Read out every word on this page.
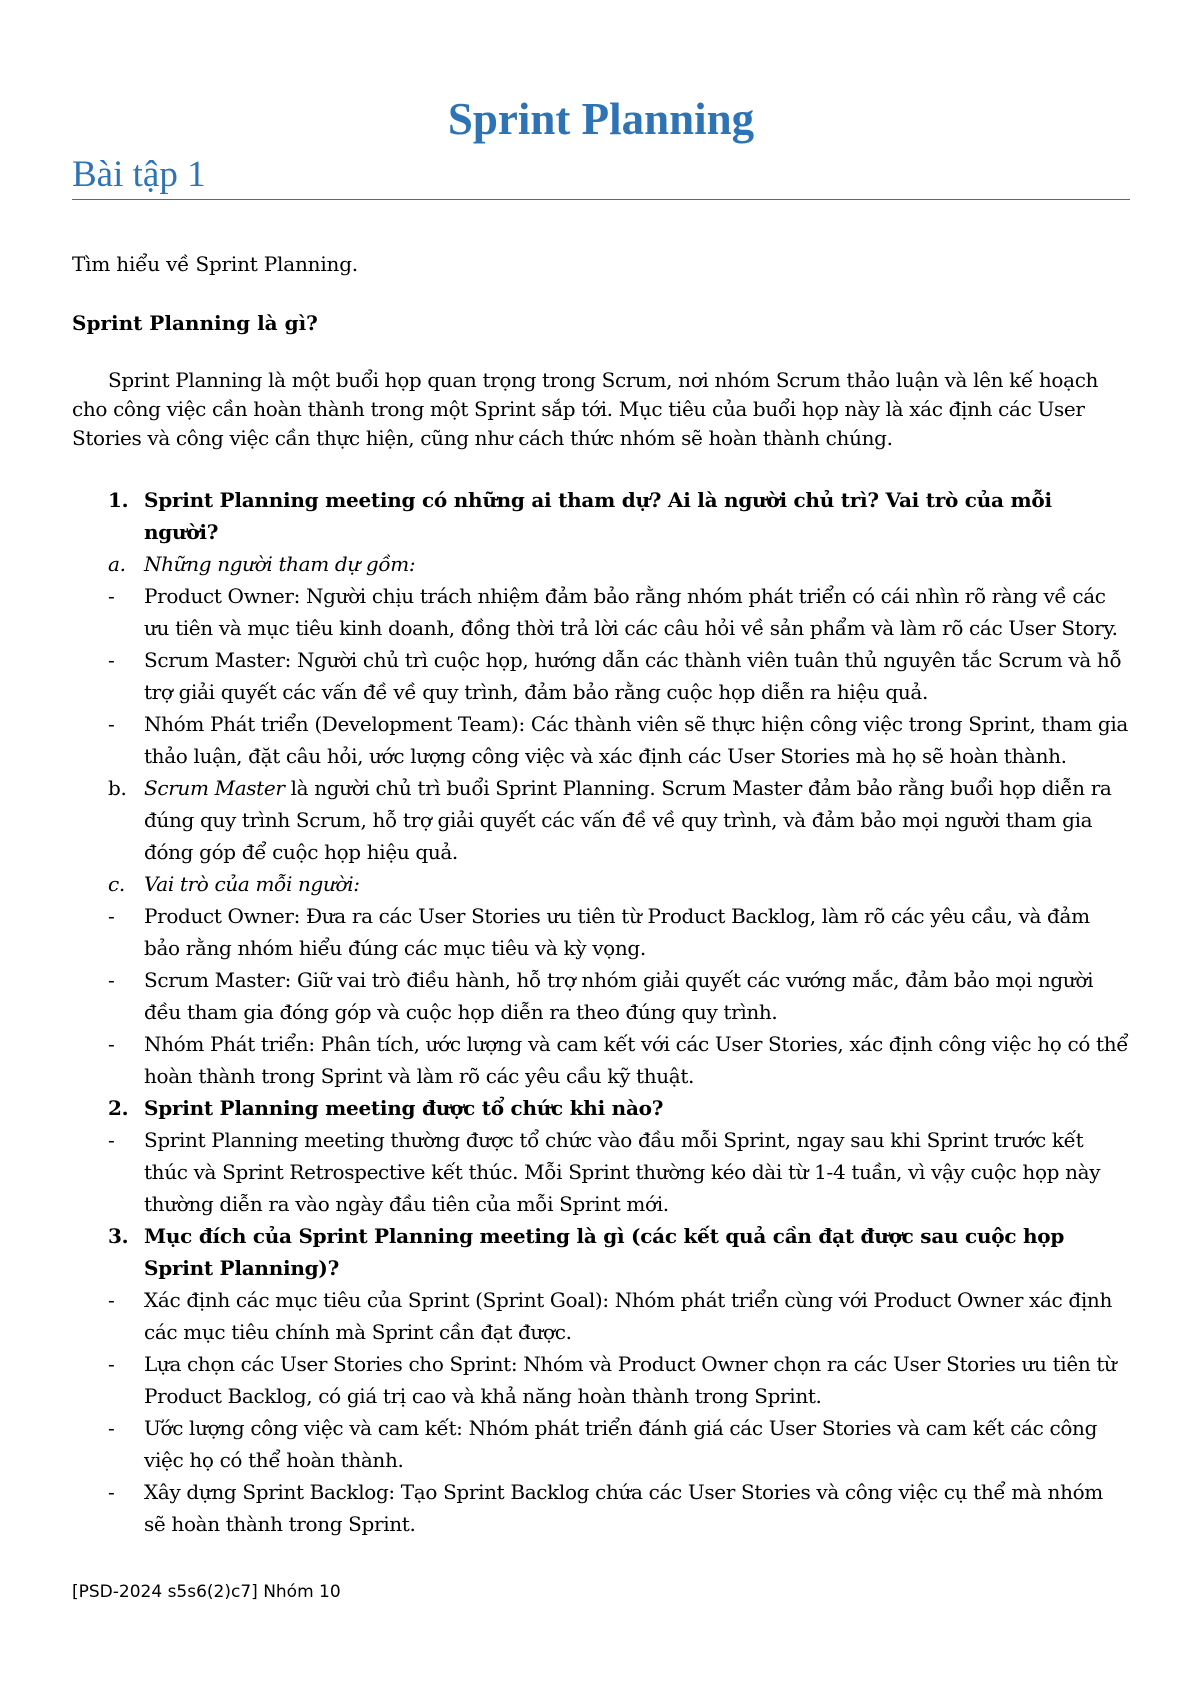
Sprint Planning
Bài tập 1
Tìm hiểu về Sprint Planning.
Sprint Planning là gì?
Sprint Planning là một buổi họp quan trọng trong Scrum, nơi nhóm Scrum thảo luận và lên kế hoạch cho công việc cần hoàn thành trong một Sprint sắp tới. Mục tiêu của buổi họp này là xác định các User Stories và công việc cần thực hiện, cũng như cách thức nhóm sẽ hoàn thành chúng.
1. Sprint Planning meeting có những ai tham dự? Ai là người chủ trì? Vai trò của mỗi người?
a. Những người tham dự gồm:
- Product Owner: Người chịu trách nhiệm đảm bảo rằng nhóm phát triển có cái nhìn rõ ràng về các ưu tiên và mục tiêu kinh doanh, đồng thời trả lời các câu hỏi về sản phẩm và làm rõ các User Story.
- Scrum Master: Người chủ trì cuộc họp, hướng dẫn các thành viên tuân thủ nguyên tắc Scrum và hỗ trợ giải quyết các vấn đề về quy trình, đảm bảo rằng cuộc họp diễn ra hiệu quả.
- Nhóm Phát triển (Development Team): Các thành viên sẽ thực hiện công việc trong Sprint, tham gia thảo luận, đặt câu hỏi, ước lượng công việc và xác định các User Stories mà họ sẽ hoàn thành.
b. Scrum Master là người chủ trì buổi Sprint Planning. Scrum Master đảm bảo rằng buổi họp diễn ra đúng quy trình Scrum, hỗ trợ giải quyết các vấn đề về quy trình, và đảm bảo mọi người tham gia đóng góp để cuộc họp hiệu quả.
c. Vai trò của mỗi người:
- Product Owner: Đưa ra các User Stories ưu tiên từ Product Backlog, làm rõ các yêu cầu, và đảm bảo rằng nhóm hiểu đúng các mục tiêu và kỳ vọng.
- Scrum Master: Giữ vai trò điều hành, hỗ trợ nhóm giải quyết các vướng mắc, đảm bảo mọi người đều tham gia đóng góp và cuộc họp diễn ra theo đúng quy trình.
- Nhóm Phát triển: Phân tích, ước lượng và cam kết với các User Stories, xác định công việc họ có thể hoàn thành trong Sprint và làm rõ các yêu cầu kỹ thuật.
2. Sprint Planning meeting được tổ chức khi nào?
- Sprint Planning meeting thường được tổ chức vào đầu mỗi Sprint, ngay sau khi Sprint trước kết thúc và Sprint Retrospective kết thúc. Mỗi Sprint thường kéo dài từ 1-4 tuần, vì vậy cuộc họp này thường diễn ra vào ngày đầu tiên của mỗi Sprint mới.
3. Mục đích của Sprint Planning meeting là gì (các kết quả cần đạt được sau cuộc họp Sprint Planning)?
- Xác định các mục tiêu của Sprint (Sprint Goal): Nhóm phát triển cùng với Product Owner xác định các mục tiêu chính mà Sprint cần đạt được.
- Lựa chọn các User Stories cho Sprint: Nhóm và Product Owner chọn ra các User Stories ưu tiên từ Product Backlog, có giá trị cao và khả năng hoàn thành trong Sprint.
- Ước lượng công việc và cam kết: Nhóm phát triển đánh giá các User Stories và cam kết các công việc họ có thể hoàn thành.
- Xây dựng Sprint Backlog: Tạo Sprint Backlog chứa các User Stories và công việc cụ thể mà nhóm sẽ hoàn thành trong Sprint.
[PSD-2024 s5s6(2)c7] Nhóm 10
